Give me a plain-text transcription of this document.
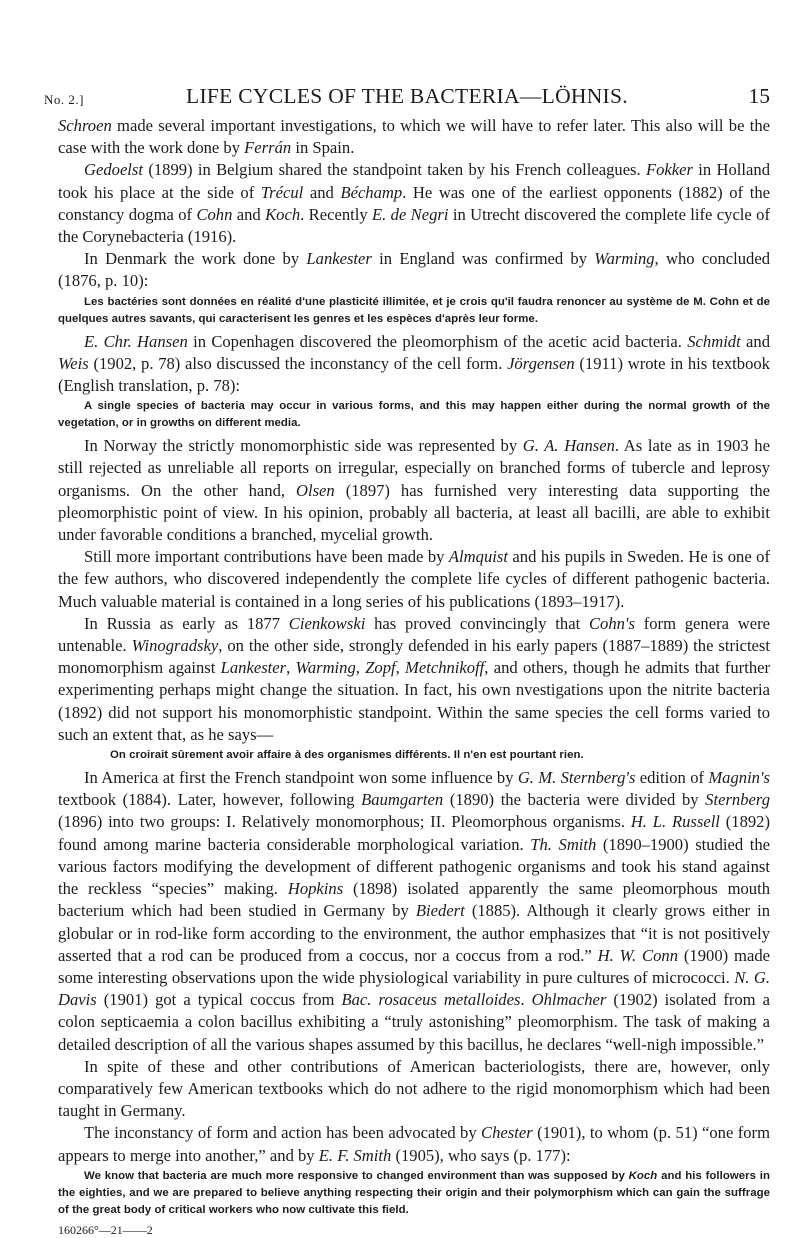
No. 2.]	LIFE CYCLES OF THE BACTERIA—LÖHNIS.	15

Schroen made several important investigations, to which we will have to refer later. This also will be the case with the work done by Ferrán in Spain.

Gedoelst (1899) in Belgium shared the standpoint taken by his French colleagues. Fokker in Holland took his place at the side of Trécul and Béchamp. He was one of the earliest opponents (1882) of the constancy dogma of Cohn and Koch. Recently E. de Negri in Utrecht discovered the complete life cycle of the Corynebacteria (1916).

In Denmark the work done by Lankester in England was confirmed by Warming, who concluded (1876, p. 10):

Les bactéries sont données en réalité d'une plasticité illimitée, et je crois qu'il faudra renoncer au système de M. Cohn et de quelques autres savants, qui caracterisent les genres et les espèces d'après leur forme.

E. Chr. Hansen in Copenhagen discovered the pleomorphism of the acetic acid bacteria. Schmidt and Weis (1902, p. 78) also discussed the inconstancy of the cell form. Jörgensen (1911) wrote in his textbook (English translation, p. 78):

A single species of bacteria may occur in various forms, and this may happen either during the normal growth of the vegetation, or in growths on different media.

In Norway the strictly monomorphistic side was represented by G. A. Hansen. As late as in 1903 he still rejected as unreliable all reports on irregular, especially on branched forms of tubercle and leprosy organisms. On the other hand, Olsen (1897) has furnished very interesting data supporting the pleomorphistic point of view. In his opinion, probably all bacteria, at least all bacilli, are able to exhibit under favorable conditions a branched, mycelial growth.

Still more important contributions have been made by Almquist and his pupils in Sweden. He is one of the few authors, who discovered independently the complete life cycles of different pathogenic bacteria. Much valuable material is contained in a long series of his publications (1893–1917).

In Russia as early as 1877 Cienkowski has proved convincingly that Cohn's form genera were untenable. Winogradsky, on the other side, strongly defended in his early papers (1887–1889) the strictest monomorphism against Lankester, Warming, Zopf, Metchnikoff, and others, though he admits that further experimenting perhaps might change the situation. In fact, his own nvestigations upon the nitrite bacteria (1892) did not support his monomorphistic standpoint. Within the same species the cell forms varied to such an extent that, as he says—

On croirait sûrement avoir affaire à des organismes différents. Il n'en est pourtant rien.

In America at first the French standpoint won some influence by G. M. Sternberg's edition of Magnin's textbook (1884). Later, however, following Baumgarten (1890) the bacteria were divided by Sternberg (1896) into two groups: I. Relatively monomorphous; II. Pleomorphous organisms. H. L. Russell (1892) found among marine bacteria considerable morphological variation. Th. Smith (1890–1900) studied the various factors modifying the development of different pathogenic organisms and took his stand against the reckless “species” making. Hopkins (1898) isolated apparently the same pleomorphous mouth bacterium which had been studied in Germany by Biedert (1885). Although it clearly grows either in globular or in rod-like form according to the environment, the author emphasizes that “it is not positively asserted that a rod can be produced from a coccus, nor a coccus from a rod.” H. W. Conn (1900) made some interesting observations upon the wide physiological variability in pure cultures of micrococci. N. G. Davis (1901) got a typical coccus from Bac. rosaceus metalloides. Ohlmacher (1902) isolated from a colon septicaemia a colon bacillus exhibiting a “truly astonishing” pleomorphism. The task of making a detailed description of all the various shapes assumed by this bacillus, he declares “well-nigh impossible.”

In spite of these and other contributions of American bacteriologists, there are, however, only comparatively few American textbooks which do not adhere to the rigid monomorphism which had been taught in Germany.

The inconstancy of form and action has been advocated by Chester (1901), to whom (p. 51) “one form appears to merge into another,” and by E. F. Smith (1905), who says (p. 177):

We know that bacteria are much more responsive to changed environment than was supposed by Koch and his followers in the eighties, and we are prepared to believe anything respecting their origin and their polymorphism which can gain the suffrage of the great body of critical workers who now cultivate this field.

160266°—21——2
